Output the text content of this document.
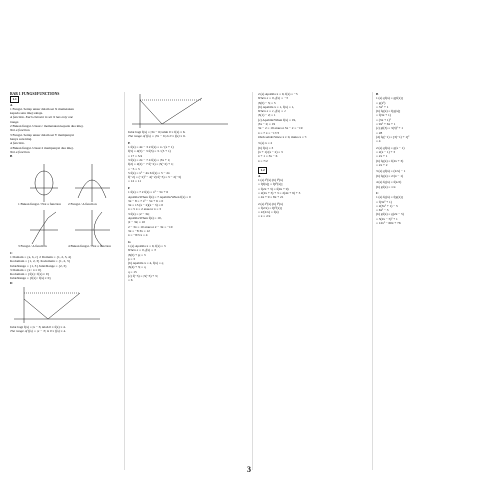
BAB 1 FUNGSI/FUNCTIONS
1.1
A
1 Fungsi. Setiap unsur dalam set X memetakan
kepada satu imej sahaja.
A function. Each element in set X has only one
image.
2 Bukan fungsi. Unsur c memetakan kepada dua imej.
Not a function.
3 Fungsi. Setiap unsur dalam set Y mempunyai
hanya satu imej.
A function.
4 Bukan fungsi. Unsur 2 mempunyai dua imej.
Not a function.
B
1 Bukan fungsi / Not a function	2 Fungsi / A function
3 Fungsi / A function	4 Bukan fungsi / Not a function
C
1 Domain = {a, b, c} 2 Domain = {1, 2, 3, 4}
Kodomain = {1, 2, 3} Kodomain = {1, 2, 3}
Julat/Range = {1, 3} Julat/Range = {2, 3}
3 Domain = {x : x ≥ 0}
Kodomain = {f(x) : f(x) ≥ 0}
Julat/Range = {f(x) : f(x) ≥ 0}
D
Julat bagi f(x) = |x − 3| ialah 0 ≤ f(x) ≤ 4.
The range of f(x) = |x − 3| is 0 ≤ f(x) ≤ 4.
Julat bagi f(x) = |3x − 6| ialah 0 ≤ f(x) ≤ 6.
The range of f(x) = |3x − 6| is 0 ≤ f(x) ≤ 6.
E
1 f(x) = 4x − 3 2 f(x) = x / (x + 1)
f(5) = 4(5) − 3 f(3) = 3 / (3 + 1)
= 17 = 3/4
3 f(x) = 2x − 7 4 f(x) = |3x + 1|
f(2) = 2(2) − 7 f(−2) = |3(−2) + 1|
= −3 = 5
5 f(x) = x² − 4x 6 f(x) = 5 − 2x
f(−2) = (−2)² − 4(−2) f(−3) = 5 − 2(−3)
= 12 = 11
F
1 f(x) = 7 2 f(x) = x² − 5x + 6
Apabila/When f(x) = 7 Apabila/When f(x) = 0
3x − 8 = 7 x² − 5x + 6 = 0
3x = 15 (x − 2)(x − 3) = 0
x = 5 x = 2 atau/or x = 3
3 f(x) = |2 − 3x|
Apabila/When f(x) = 10,
|2 − 3x| = 10
2 − 3x = 10 atau/or 2 − 3x = −10
3x = −8 3x = 12
x = −8/3 x = 4
G
1 (a) Apabila x = 0, f(x) = 3
When x = 0, f(x) = 3
|3(0) + p| = 3
p = 3
(b) Apabila x = 4, f(x) = q
|3(4) + 3| = q
q = 15
(c) f(−3) = |3(−3) + 3|
= 6
2 (a) Apabila x = 0, f(x) = −5
When x = 0, f(x) = −5
|3(0) − 5| = 5
(b) Apabila x = 1, f(x) = 1,
When x = 1, f(x) = 1
|3(1) − 2| = 1
(c) Apabila/When f(x) = 19,
|3x − 2| = 19
3x − 2 = 19 atau/or 3x − 2 = −19
x = 7 x = −17/3
Oleh sebab/Since x ≥ 0, maka x = 7.
3 (a) x = 2
(b) f(x) = 3
(x + 1)/(x − 2) = 3
x + 1 = 3x − 6
x = 7/2
1.2
A
1 (a) f²(x) (b) f³(x)
= f[f(x)] = f[f²(x)]
= f(2x + 3) = f(4x + 9)
= 2(2x + 3) + 3 = 2(4x + 9) + 3
= 4x + 9 = 8x + 21
2 (a) f²(x) (b) f³(x)
= f(2/x) = f[f²(x)]
= 2/(2/x) = f(x)
= x = 2/x
B
1 (a) gf(x) = g[f(x)]
= g(x²)
= 3x² + 1
(b) fg(x) = f[g(x)]
= f(3x + 1)
= (3x + 1)²
= 9x² + 6x + 1
(c) gf(3) = 3(3)² + 1
= 28
(d) fg(−1) = [3(−1) + 1]²
= 4
2 (a) gf(x) = g(x − 1)
= 2(x − 1) + 3
= 2x + 1
(b) fg(x) = f(2x + 3)
= 2x + 2
3 (a) gf(x) = (2/x) − 1
(b) fg(x) = 2/(x − 1)
4 (a) fg(x) = f(x/2)
(b) gf(x) = 1/x
C
1 (a) fg(x) = f[g(x)]
= f(3x² + 1)
= 2(3x² + 1) − 5
= 6x² − 3
(b) gf(x) = g(2x − 5)
= 3(2x − 5)² + 1
= 12x² − 60x + 76
3
